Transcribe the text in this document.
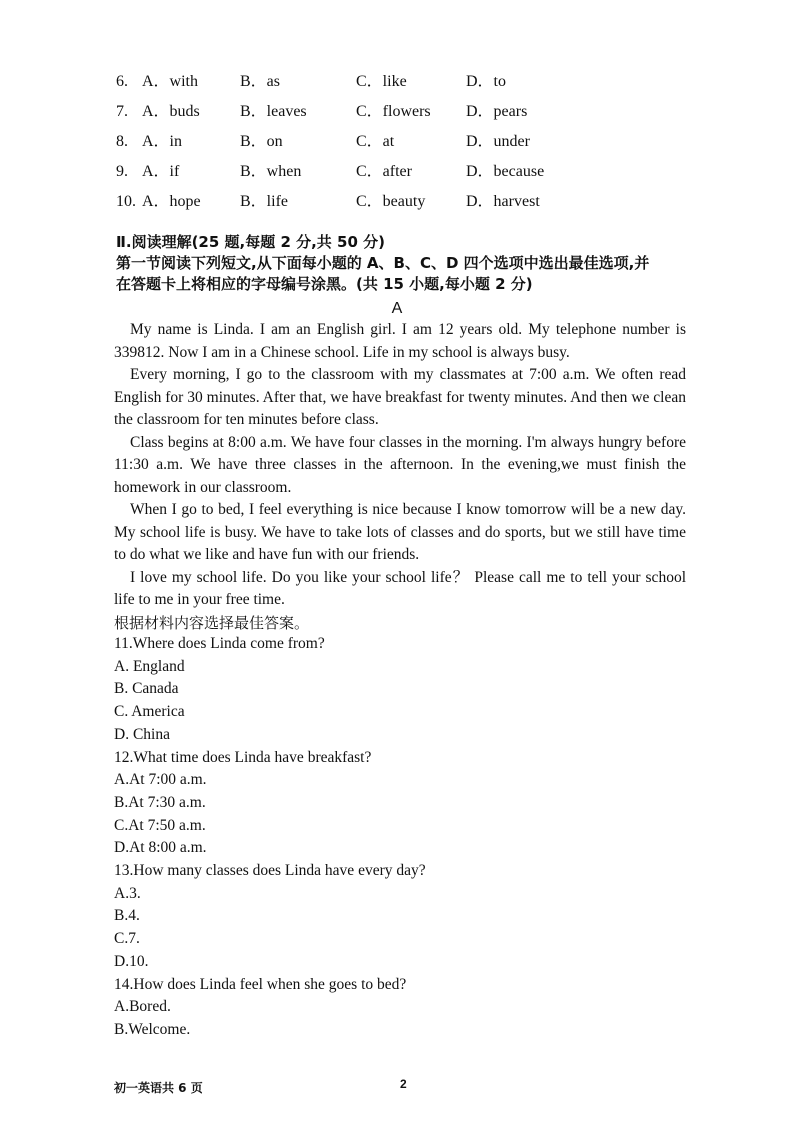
6. A．with	B．as	C．like	D．to
7. A．buds	B．leaves	C．flowers D．pears
8. A．in	B．on	C．at	D．under
9. A．if	B．when	C．after	D．because
10. A．hope B．life	C．beauty	D．harvest
Ⅱ.阅读理解(25 题,每题 2 分,共 50 分)
第一节阅读下列短文,从下面每小题的 A、B、C、D 四个选项中选出最佳选项,并
在答题卡上将相应的字母编号涂黑。(共 15 小题,每小题 2 分)
A

My name is Linda. I am an English girl. I am 12 years old. My telephone number is 339812. Now I am in a Chinese school. Life in my school is always busy.

Every morning, I go to the classroom with my classmates at 7:00 a.m. We often read English for 30 minutes. After that, we have breakfast for twenty minutes. And then we clean the classroom for ten minutes before class.

Class begins at 8:00 a.m. We have four classes in the morning. I'm always hungry before 11:30 a.m. We have three classes in the afternoon. In the evening,we must finish the homework in our classroom.

When I go to bed, I feel everything is nice because I know tomorrow will be a new day. My school life is busy. We have to take lots of classes and do sports, but we still have time to do what we like and have fun with our friends.

I love my school life. Do you like your school life？ Please call me to tell your school life to me in your free time.

根据材料内容选择最佳答案。

11.Where does Linda come from?
A. England
B. Canada
C. America
D. China
12.What time does Linda have breakfast?
A.At 7:00 a.m.
B.At 7:30 a.m.
C.At 7:50 a.m.
D.At 8:00 a.m.
13.How many classes does Linda have every day?
A.3.
B.4.
C.7.
D.10.
14.How does Linda feel when she goes to bed?
A.Bored.
B.Welcome.
初一英语共 6 页	2
